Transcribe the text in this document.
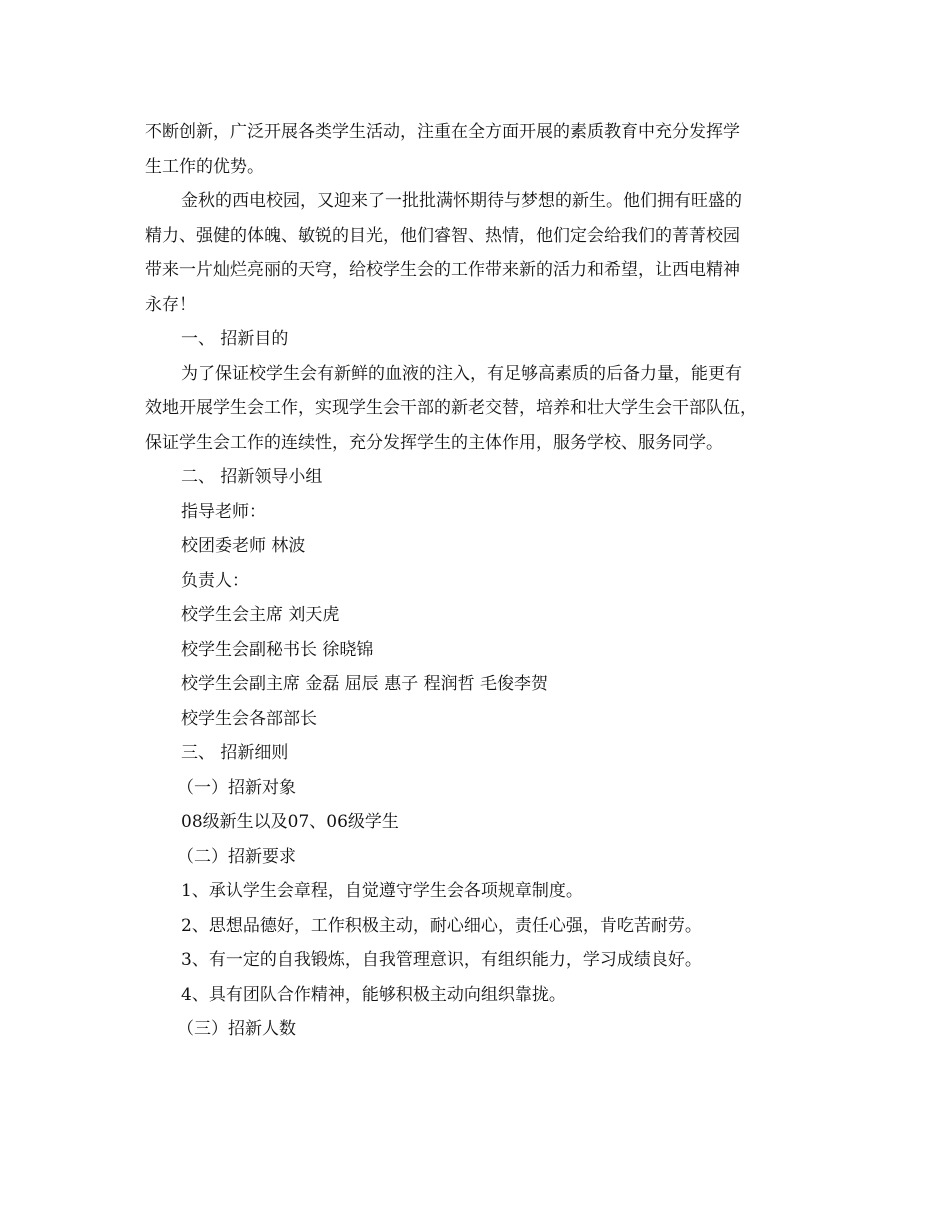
不断创新，广泛开展各类学生活动，注重在全方面开展的素质教育中充分发挥学

生工作的优势。

金秋的西电校园，又迎来了一批批满怀期待与梦想的新生。他们拥有旺盛的

精力、强健的体魄、敏锐的目光，他们睿智、热情，他们定会给我们的菁菁校园

带来一片灿烂亮丽的天穹，给校学生会的工作带来新的活力和希望，让西电精神

永存！

一、 招新目的

为了保证校学生会有新鲜的血液的注入，有足够高素质的后备力量，能更有

效地开展学生会工作，实现学生会干部的新老交替，培养和壮大学生会干部队伍，

保证学生会工作的连续性，充分发挥学生的主体作用，服务学校、服务同学。

二、 招新领导小组

指导老师：

校团委老师 林波

负责人：

校学生会主席 刘天虎

校学生会副秘书长 徐晓锦

校学生会副主席 金磊 屈辰 惠子 程润哲 毛俊李贺

校学生会各部部长

三、 招新细则

（一）招新对象

08级新生以及07、06级学生

（二）招新要求

1、承认学生会章程，自觉遵守学生会各项规章制度。

2、思想品德好，工作积极主动，耐心细心，责任心强，肯吃苦耐劳。

3、有一定的自我锻炼，自我管理意识，有组织能力，学习成绩良好。

4、具有团队合作精神，能够积极主动向组织靠拢。

（三）招新人数
